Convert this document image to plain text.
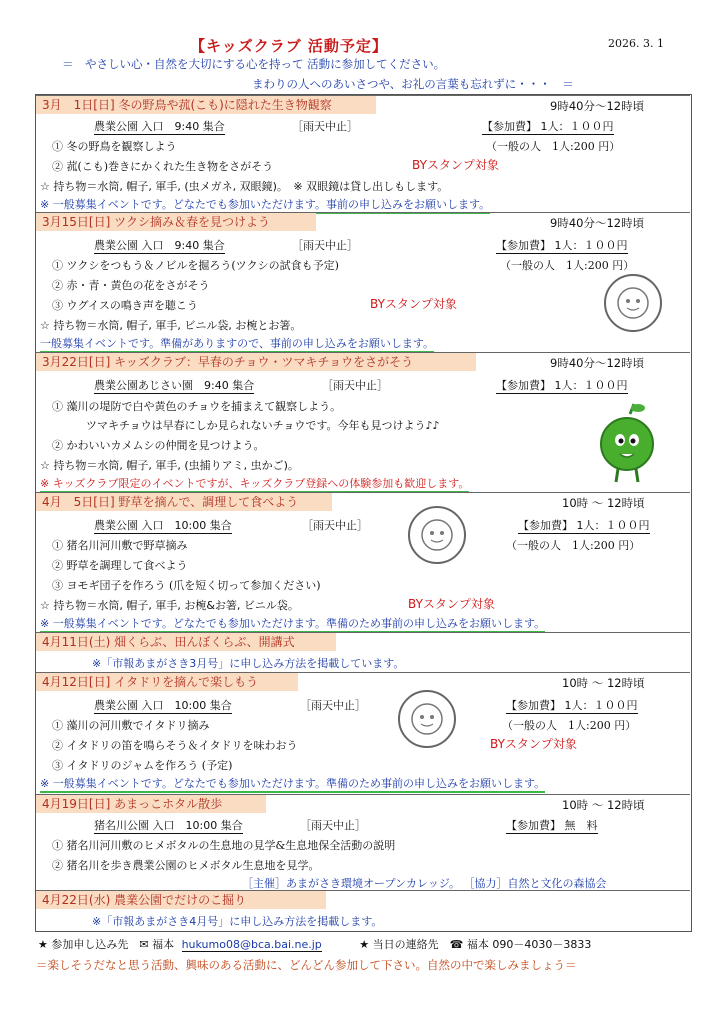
【キッズクラブ 活動予定】	2026. 3. 1
＝　やさしい心・自然を大切にする心を持って 活動に参加してください。
まわりの人へのあいさつや、お礼の言葉も忘れずに・・・　＝
3月　1日[日] 冬の野鳥や菰(こも)に隠れた生き物観察	9時40分～12時頃
農業公園 入口　9:40 集合	［雨天中止］	【参加費】 1人：１００円
① 冬の野鳥を観察しよう	（一般の人　1人:200 円）
② 菰(こも)巻きにかくれた生き物をさがそう	BYスタンプ対象
☆ 持ち物＝水筒, 帽子, 軍手, (虫メガネ, 双眼鏡)。　※ 双眼鏡は貸し出しもします。
※ 一般募集イベントです。どなたでも参加いただけます。事前の申し込みをお願いします。
3月15日[日] ツクシ摘み＆春を見つけよう	9時40分～12時頃
農業公園 入口　9:40 集合	［雨天中止］	【参加費】 1人：１００円
① ツクシをつもう＆ノビルを掘ろう(ツクシの試食も予定)	（一般の人　1人:200 円）
② 赤・青・黄色の花をさがそう
③ ウグイスの鳴き声を聴こう	BYスタンプ対象
☆ 持ち物＝水筒, 帽子, 軍手, ビニル袋, お椀とお箸。
一般募集イベントです。準備がありますので、事前の申し込みをお願いします。
3月22日[日] キッズクラブ：早春のチョウ・ツマキチョウをさがそう	9時40分～12時頃
農業公園あじさい園　9:40 集合	［雨天中止］	【参加費】 1人：１００円
① 藻川の堤防で白や黄色のチョウを捕まえて観察しよう。
ツマキチョウは早春にしか見られないチョウです。今年も見つけよう♪♪
② かわいいカメムシの仲間を見つけよう。
☆ 持ち物＝水筒, 帽子, 軍手, (虫捕りアミ, 虫かご)。
※ キッズクラブ限定のイベントですが、キッズクラブ登録への体験参加も歓迎します。
4月　5日[日] 野草を摘んで、調理して食べよう	10時 ～ 12時頃
農業公園 入口　10:00 集合	［雨天中止］	【参加費】 1人：１００円
① 猪名川河川敷で野草摘み	（一般の人　1人:200 円）
② 野草を調理して食べよう
③ ヨモギ団子を作ろう (爪を短く切って参加ください)
☆ 持ち物＝水筒, 帽子, 軍手, お椀&お箸, ビニル袋。	BYスタンプ対象
※ 一般募集イベントです。どなたでも参加いただけます。準備のため事前の申し込みをお願いします。
4月11日(土) 畑くらぶ、田んぼくらぶ、開講式
※「市報あまがさき3月号」に申し込み方法を掲載しています。
4月12日[日] イタドリを摘んで楽しもう	10時 ～ 12時頃
農業公園 入口　10:00 集合	［雨天中止］	【参加費】 1人：１００円
① 藻川の河川敷でイタドリ摘み	（一般の人　1人:200 円）
② イタドリの笛を鳴らそう＆イタドリを味わおう	BYスタンプ対象
③ イタドリのジャムを作ろう (予定)
※ 一般募集イベントです。どなたでも参加いただけます。準備のため事前の申し込みをお願いします。
4月19日[日] あまっこホタル散歩	10時 ～ 12時頃
猪名川公園 入口　10:00 集合	［雨天中止］	【参加費】 無　料
① 猪名川河川敷のヒメボタルの生息地の見学&生息地保全活動の説明
② 猪名川を歩き農業公園のヒメボタル生息地を見学。
［主催］あまがさき環境オープンカレッジ。 ［協力］自然と文化の森協会
4月22日(水) 農業公園でだけのこ掘り
※「市報あまがさき4月号」に申し込み方法を掲載します。
★ 参加申し込み先　✉ 福本 hukumo08@bca.bai.ne.jp	★ 当日の連絡先　☎ 福本 090－4030－3833
＝楽しそうだなと思う活動、興味のある活動に、どんどん参加して下さい。自然の中で楽しみましょう＝
